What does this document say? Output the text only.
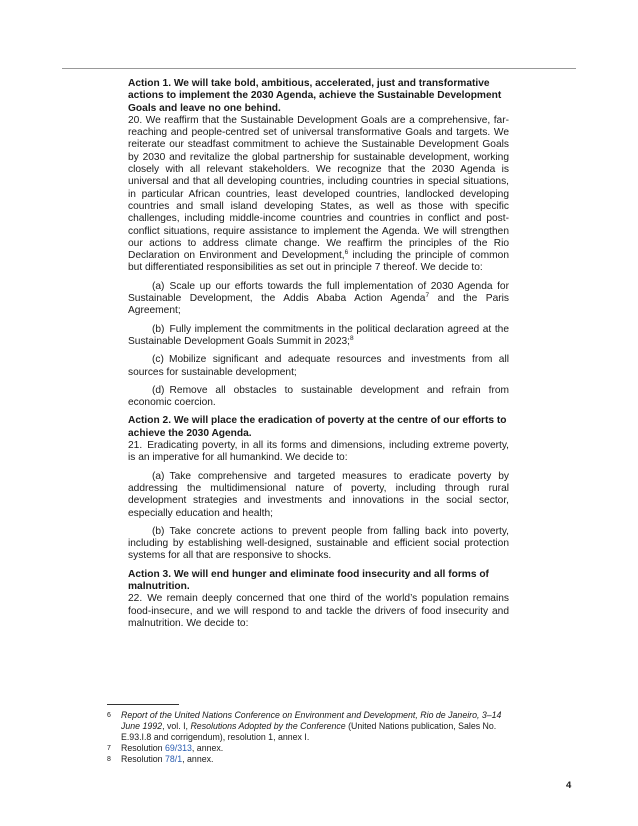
Action 1. We will take bold, ambitious, accelerated, just and transformative actions to implement the 2030 Agenda, achieve the Sustainable Development Goals and leave no one behind.

20. We reaffirm that the Sustainable Development Goals are a comprehensive, far-reaching and people-centred set of universal transformative Goals and targets. We reiterate our steadfast commitment to achieve the Sustainable Development Goals by 2030 and revitalize the global partnership for sustainable development, working closely with all relevant stakeholders. We recognize that the 2030 Agenda is universal and that all developing countries, including countries in special situations, in particular African countries, least developed countries, landlocked developing countries and small island developing States, as well as those with specific challenges, including middle-income countries and countries in conflict and post-conflict situations, require assistance to implement the Agenda. We will strengthen our actions to address climate change. We reaffirm the principles of the Rio Declaration on Environment and Development,$^6$ including the principle of common but differentiated responsibilities as set out in principle 7 thereof. We decide to:

(a) Scale up our efforts towards the full implementation of 2030 Agenda for Sustainable Development, the Addis Ababa Action Agenda$^7$ and the Paris Agreement;

(b) Fully implement the commitments in the political declaration agreed at the Sustainable Development Goals Summit in 2023;$^8$

(c) Mobilize significant and adequate resources and investments from all sources for sustainable development;

(d) Remove all obstacles to sustainable development and refrain from economic coercion.

Action 2. We will place the eradication of poverty at the centre of our efforts to achieve the 2030 Agenda.

21. Eradicating poverty, in all its forms and dimensions, including extreme poverty, is an imperative for all humankind. We decide to:

(a) Take comprehensive and targeted measures to eradicate poverty by addressing the multidimensional nature of poverty, including through rural development strategies and investments and innovations in the social sector, especially education and health;

(b) Take concrete actions to prevent people from falling back into poverty, including by establishing well-designed, sustainable and efficient social protection systems for all that are responsive to shocks.

Action 3. We will end hunger and eliminate food insecurity and all forms of malnutrition.

22. We remain deeply concerned that one third of the world’s population remains food-insecure, and we will respond to and tackle the drivers of food insecurity and malnutrition. We decide to:

6 Report of the United Nations Conference on Environment and Development, Rio de Janeiro, 3–14 June 1992, vol. I, Resolutions Adopted by the Conference (United Nations publication, Sales No. E.93.I.8 and corrigendum), resolution 1, annex I.

7 Resolution 69/313, annex.

8 Resolution 78/1, annex.

4
